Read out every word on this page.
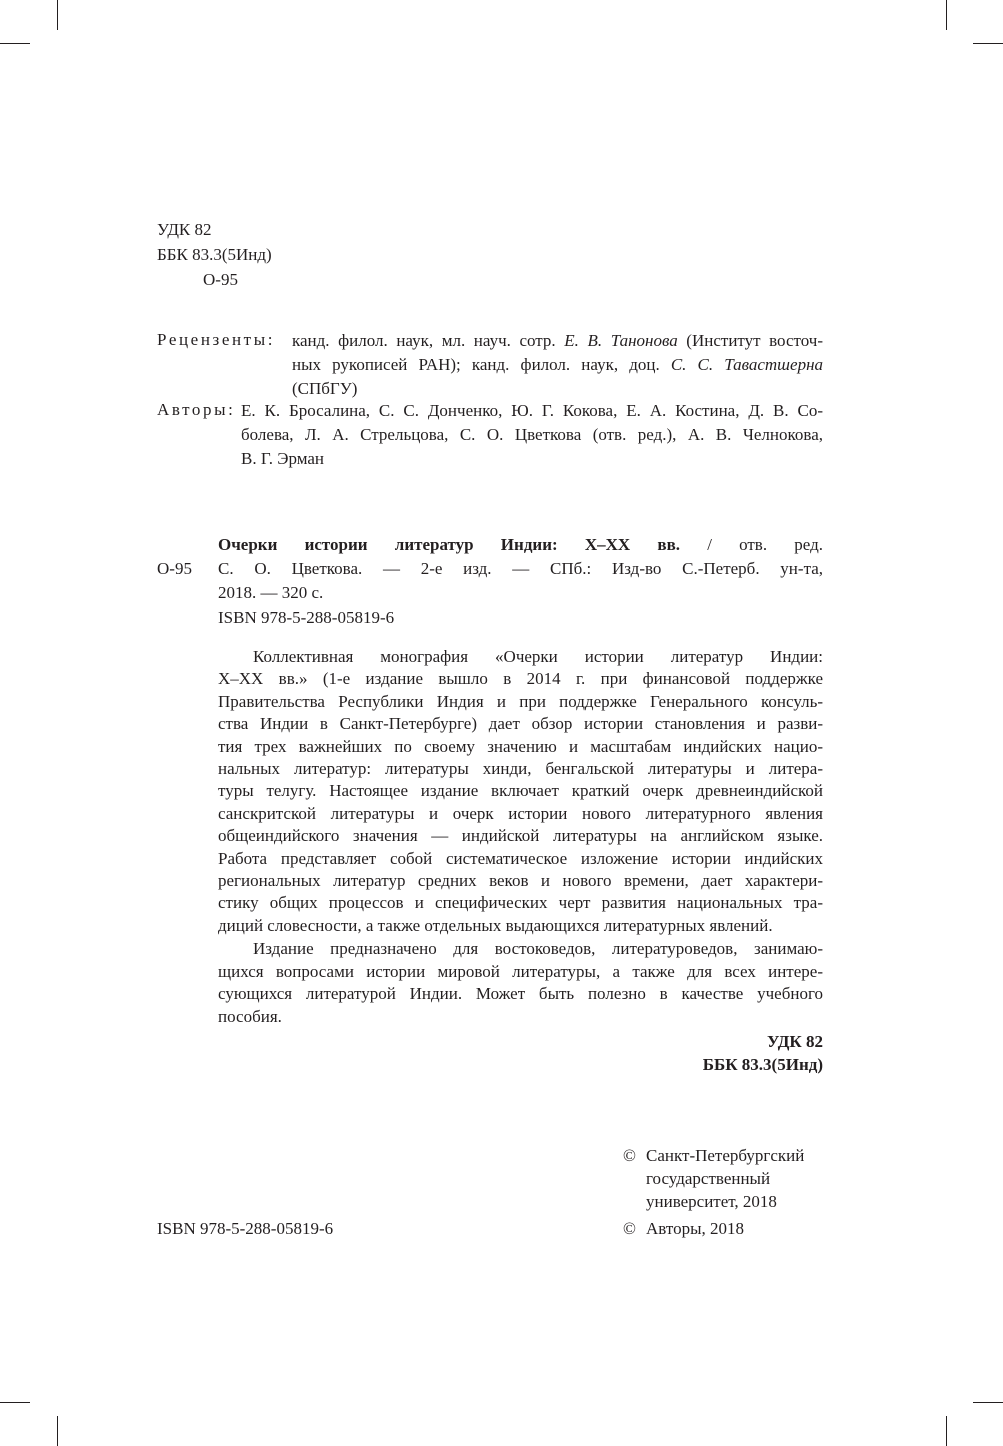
УДК 82
ББК 83.3(5Инд)
О-95
Рецензенты: канд. филол. наук, мл. науч. сотр. Е. В. Танонова (Институт восточ-
ных рукописей РАН); канд. филол. наук, доц. С. С. Тавастшерна
(СПбГУ)
Авторы: Е. К. Бросалина, С. С. Донченко, Ю. Г. Кокова, Е. А. Костина, Д. В. Со-
болева, Л. А. Стрельцова, С. О. Цветкова (отв. ред.), А. В. Челнокова,
В. Г. Эрман
Очерки истории литератур Индии: X–XX вв. / отв. ред.
О-95 С. О. Цветкова. — 2-е изд. — СПб.: Изд-во С.-Петерб. ун-та,
2018. — 320 с.
ISBN 978-5-288-05819-6
Коллективная монография «Очерки истории литератур Индии:
X–XX вв.» (1-е издание вышло в 2014 г. при финансовой поддержке
Правительства Республики Индия и при поддержке Генерального консуль-
ства Индии в Санкт-Петербурге) дает обзор истории становления и разви-
тия трех важнейших по своему значению и масштабам индийских нацио-
нальных литератур: литературы хинди, бенгальской литературы и литера-
туры телугу. Настоящее издание включает краткий очерк древнеиндийской
санскритской литературы и очерк истории нового литературного явления
общеиндийского значения — индийской литературы на английском языке.
Работа представляет собой систематическое изложение истории индийских
региональных литератур средних веков и нового времени, дает характери-
стику общих процессов и специфических черт развития национальных тра-
диций словесности, а также отдельных выдающихся литературных явлений.
Издание предназначено для востоковедов, литературоведов, занимаю-
щихся вопросами истории мировой литературы, а также для всех интере-
сующихся литературой Индии. Может быть полезно в качестве учебного
пособия.
УДК 82
ББК 83.3(5Инд)
ISBN 978-5-288-05819-6
© Санкт-Петербургский
государственный
университет, 2018
© Авторы, 2018
